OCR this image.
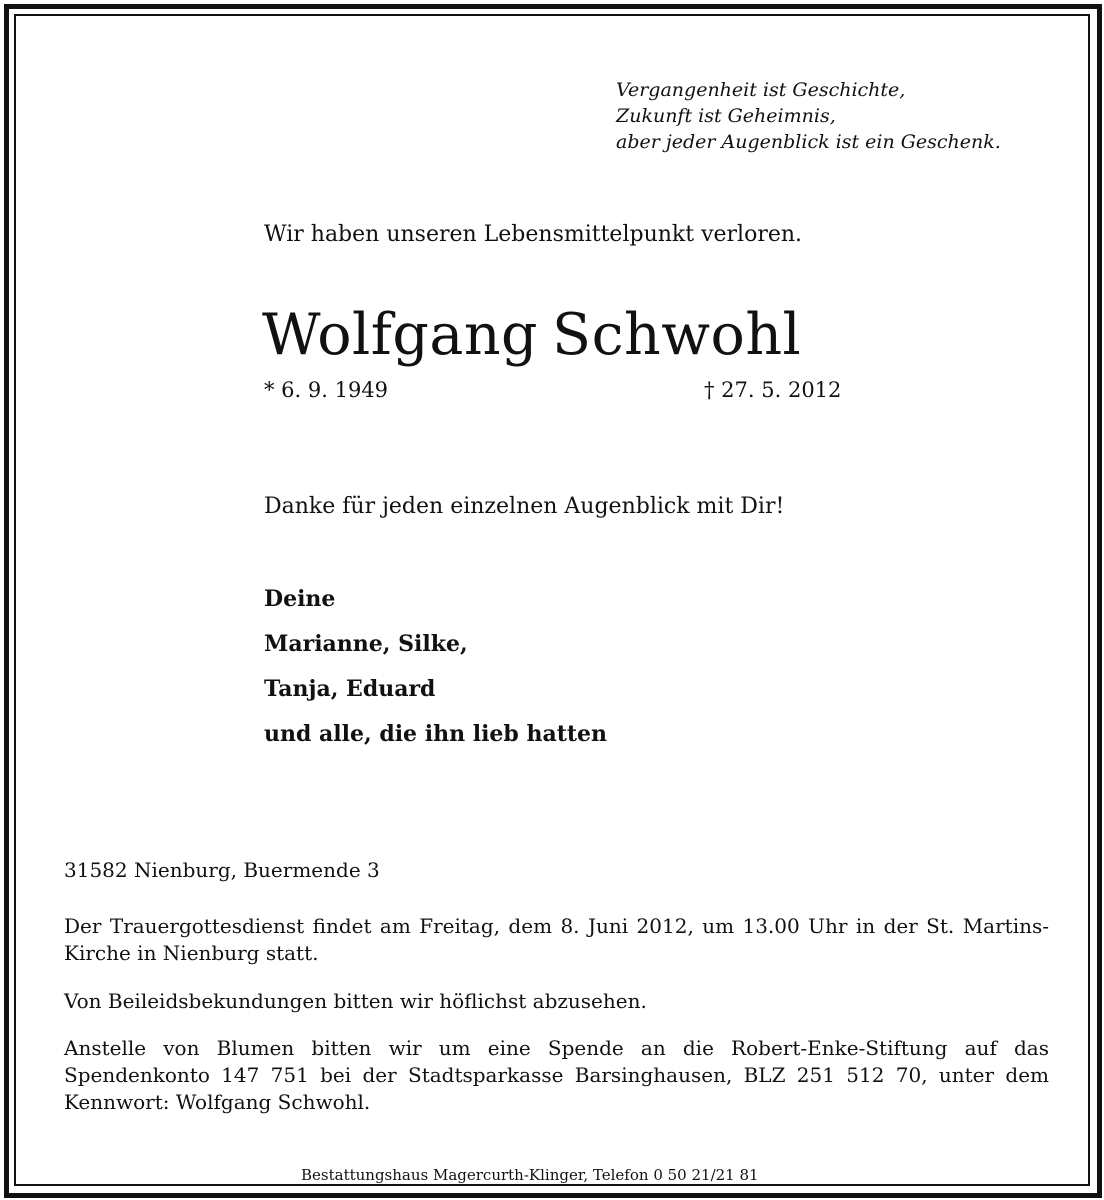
Vergangenheit ist Geschichte,
Zukunft ist Geheimnis,
aber jeder Augenblick ist ein Geschenk.
Wir haben unseren Lebensmittelpunkt verloren.
Wolfgang Schwohl
* 6. 9. 1949	† 27. 5. 2012
Danke für jeden einzelnen Augenblick mit Dir!
Deine
Marianne, Silke,
Tanja, Eduard
und alle, die ihn lieb hatten
31582 Nienburg, Buermende 3
Der Trauergottesdienst findet am Freitag, dem 8. Juni 2012, um 13.00 Uhr in der St. Martins-Kirche in Nienburg statt.
Von Beileidsbekundungen bitten wir höflichst abzusehen.
Anstelle von Blumen bitten wir um eine Spende an die Robert-Enke-Stiftung auf das Spendenkonto 147 751 bei der Stadtsparkasse Barsinghausen, BLZ 251 512 70, unter dem Kennwort: Wolfgang Schwohl.
Bestattungshaus Magercurth-Klinger, Telefon 0 50 21/21 81
